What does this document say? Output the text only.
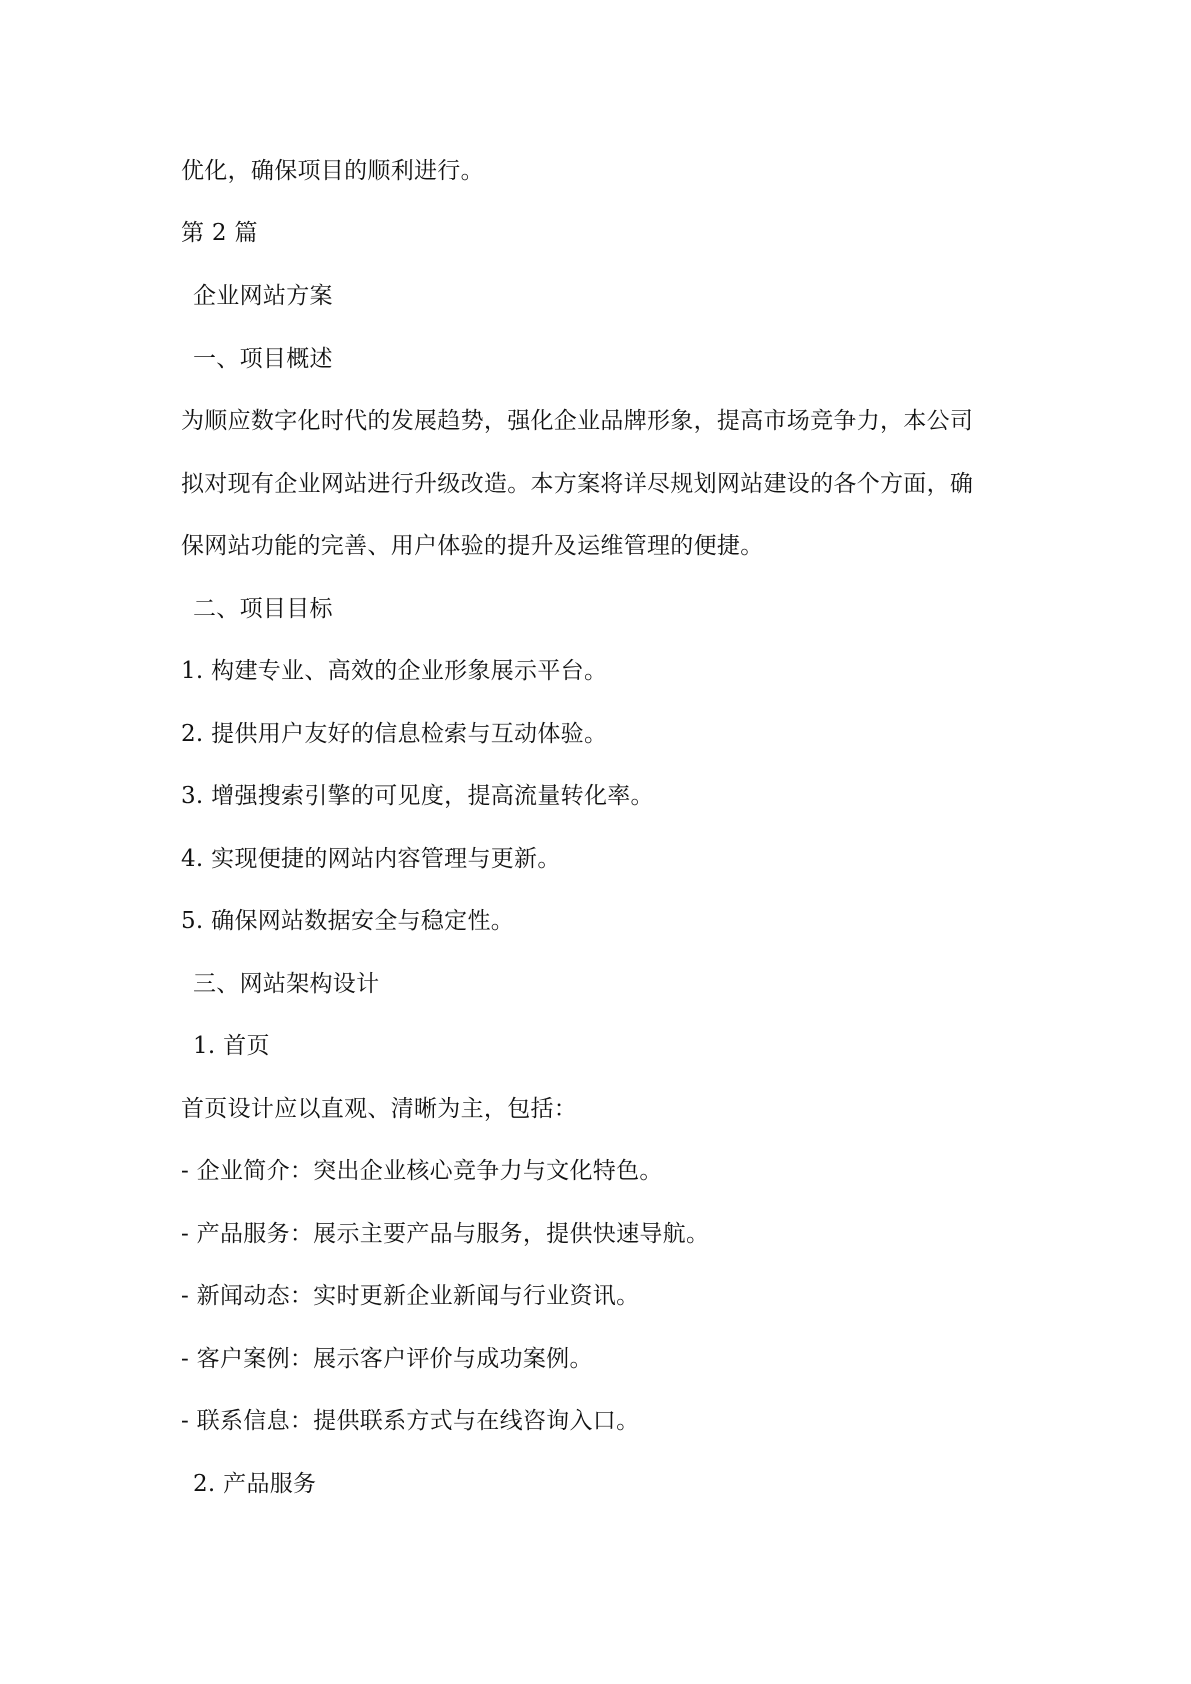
优化，确保项目的顺利进行。
第 2 篇
企业网站方案
一、项目概述
为顺应数字化时代的发展趋势，强化企业品牌形象，提高市场竞争力，本公司
拟对现有企业网站进行升级改造。本方案将详尽规划网站建设的各个方面，确
保网站功能的完善、用户体验的提升及运维管理的便捷。
二、项目目标
1. 构建专业、高效的企业形象展示平台。
2. 提供用户友好的信息检索与互动体验。
3. 增强搜索引擎的可见度，提高流量转化率。
4. 实现便捷的网站内容管理与更新。
5. 确保网站数据安全与稳定性。
三、网站架构设计
1. 首页
首页设计应以直观、清晰为主，包括：
- 企业简介：突出企业核心竞争力与文化特色。
- 产品服务：展示主要产品与服务，提供快速导航。
- 新闻动态：实时更新企业新闻与行业资讯。
- 客户案例：展示客户评价与成功案例。
- 联系信息：提供联系方式与在线咨询入口。
2. 产品服务
